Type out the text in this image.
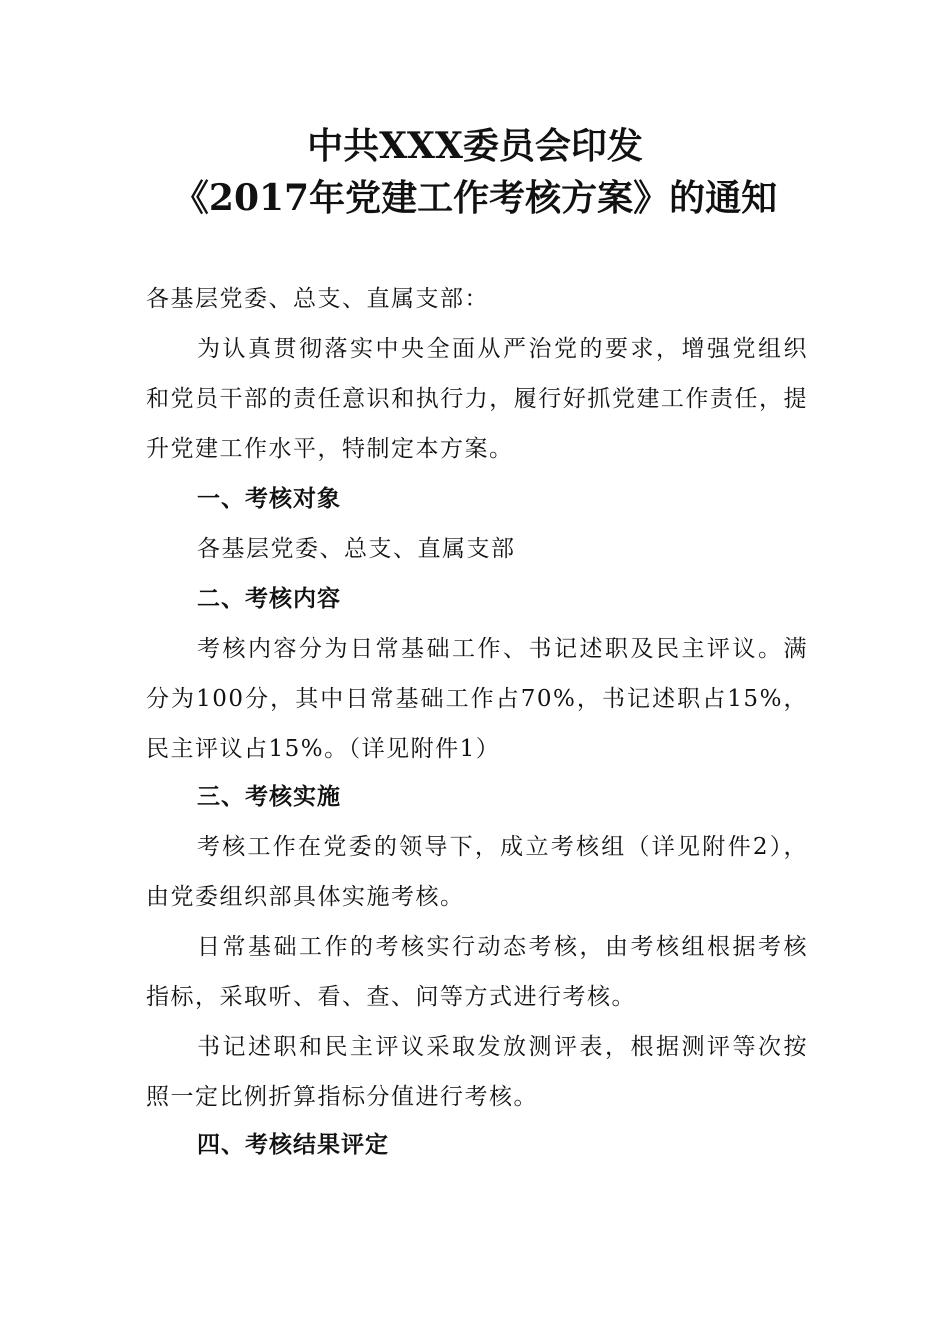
中共XXX委员会印发
《2017年党建工作考核方案》的通知
各基层党委、总支、直属支部：
为认真贯彻落实中央全面从严治党的要求，增强党组织和党员干部的责任意识和执行力，履行好抓党建工作责任，提升党建工作水平，特制定本方案。
一、考核对象
各基层党委、总支、直属支部
二、考核内容
考核内容分为日常基础工作、书记述职及民主评议。满分为100分，其中日常基础工作占70%，书记述职占15%，民主评议占15%。（详见附件1）
三、考核实施
考核工作在党委的领导下，成立考核组（详见附件2），由党委组织部具体实施考核。
日常基础工作的考核实行动态考核，由考核组根据考核指标，采取听、看、查、问等方式进行考核。
书记述职和民主评议采取发放测评表，根据测评等次按照一定比例折算指标分值进行考核。
四、考核结果评定
